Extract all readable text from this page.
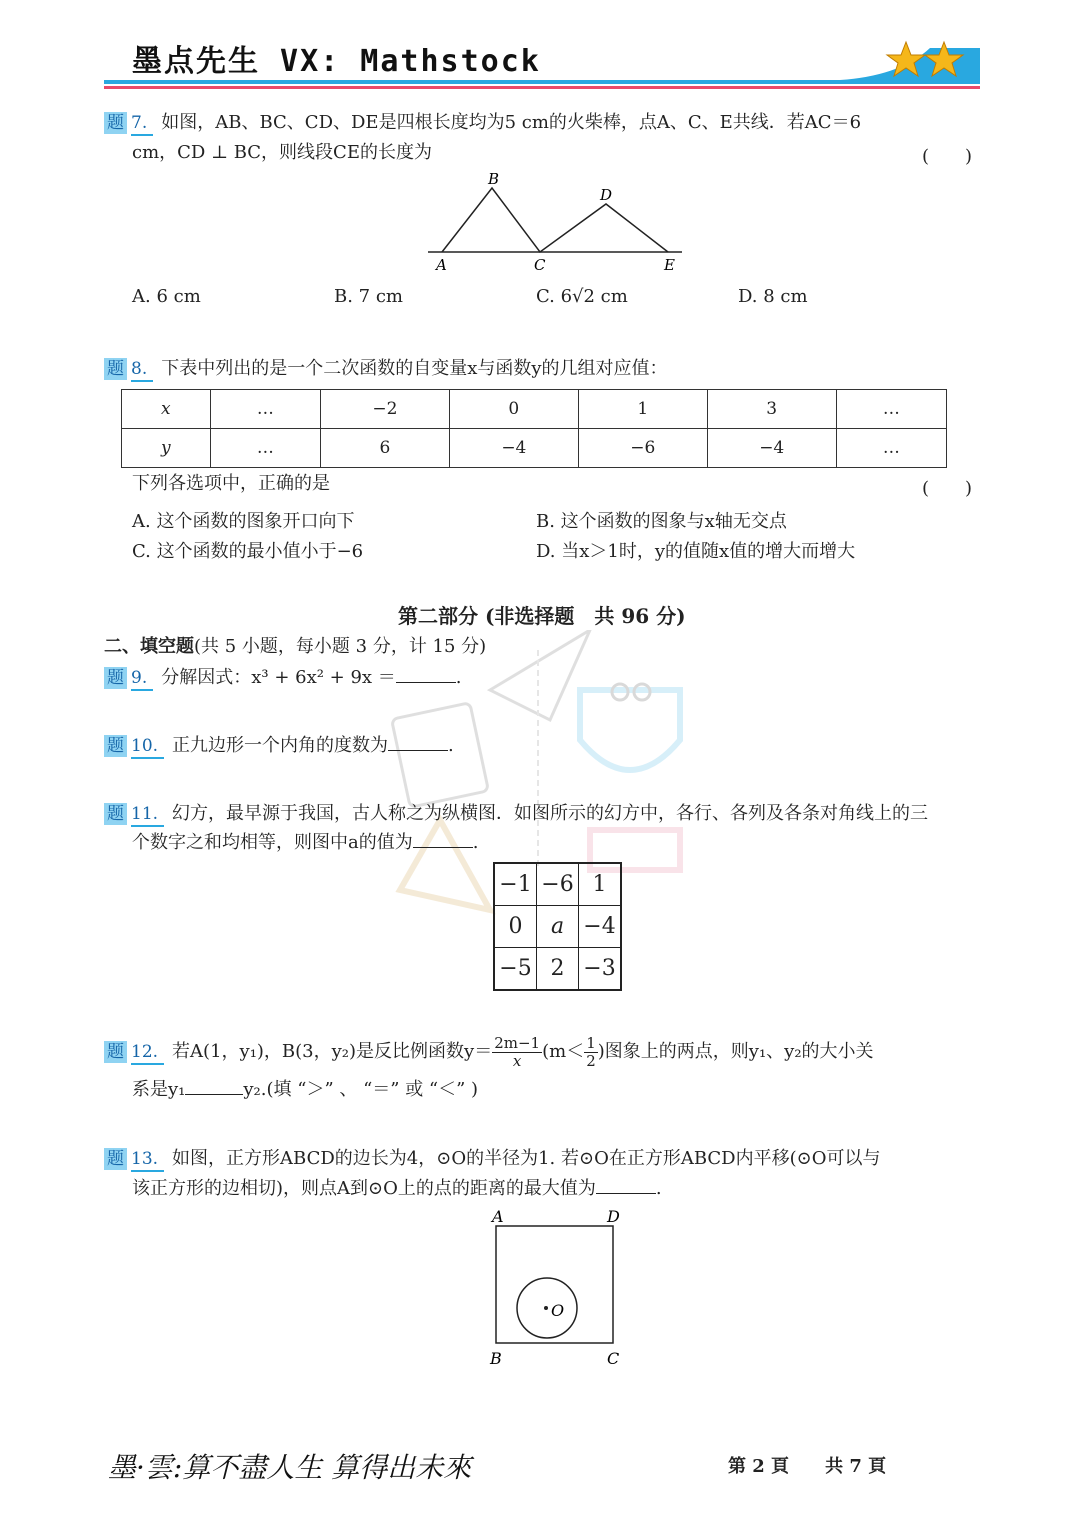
墨点先生 VX: Mathstock
题 7. 如图，AB、BC、CD、DE是四根长度均为5 cm的火柴棒，点A、C、E共线．若AC＝6
cm，CD ⊥ BC，则线段CE的长度为	(　　)
B
D
A	C	E
A. 6 cm	B. 7 cm	C. 6√2 cm	D. 8 cm
题 8. 下表中列出的是一个二次函数的自变量x与函数y的几组对应值：
x	…	−2	0	1	3	…
y	…	6	−4	−6	−4	…
下列各选项中，正确的是	(　　)
A. 这个函数的图象开口向下	B. 这个函数的图象与x轴无交点
C. 这个函数的最小值小于−6	D. 当x＞1时，y的值随x值的增大而增大
第二部分 (非选择题　共 96 分)
二、填空题(共 5 小题，每小题 3 分，计 15 分)
题 9. 分解因式：x³ + 6x² + 9x ＝	.
题 10. 正九边形一个内角的度数为	.
题 11. 幻方，最早源于我国，古人称之为纵横图．如图所示的幻方中，各行、各列及各条对角线上的三
个数字之和均相等，则图中a的值为	.
−1	−6	1
0	a	−4
−5	2	−3
题 12. 若A(1，y₁)，B(3，y₂)是反比例函数$y= \frac{2m-1}{x} (m< \frac{1}{2}$ )图象上的两点，则y₁、y₂的大小关
系是y₁	y₂.(填 “＞” 、 “＝” 或 “＜” )
题 13. 如图，正方形ABCD的边长为4，⊙O的半径为1. 若⊙O在正方形ABCD内平移(⊙O可以与
该正方形的边相切)，则点A到⊙O上的点的距离的最大值为	.
A	D
B	C
O
墨·雲:算不盡人生 算得出未來	第 2 頁 共 7 頁
